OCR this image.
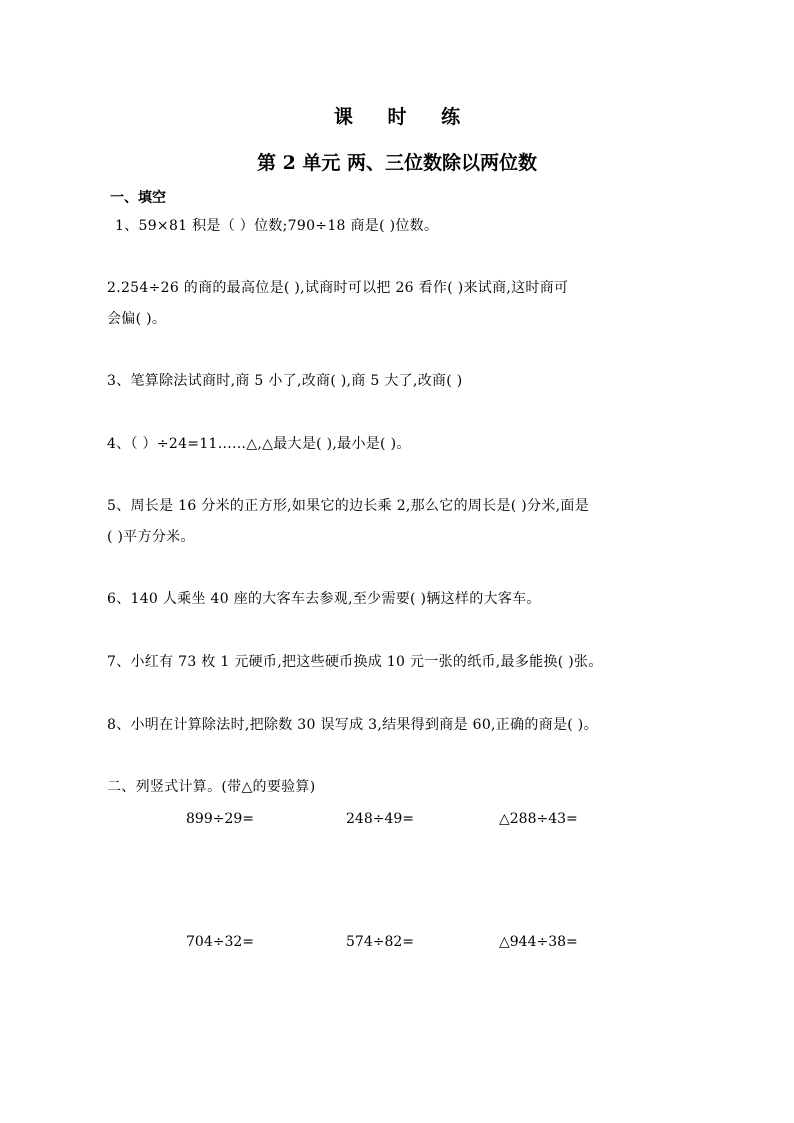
课 时 练
第 2 单元 两、三位数除以两位数
一、填空
1、59×81 积是（ ）位数;790÷18 商是( )位数。
2.254÷26 的商的最高位是( ),试商时可以把 26 看作( )来试商,这时商可
会偏( )。
3、笔算除法试商时,商 5 小了,改商( ),商 5 大了,改商( )
4、（ ）÷24=11……△,△最大是( ),最小是( )。
5、周长是 16 分米的正方形,如果它的边长乘 2,那么它的周长是( )分米,面是
( )平方分米。
6、140 人乘坐 40 座的大客车去参观,至少需要( )辆这样的大客车。
7、小红有 73 枚 1 元硬币,把这些硬币换成 10 元一张的纸币,最多能换( )张。
8、小明在计算除法时,把除数 30 误写成 3,结果得到商是 60,正确的商是( )。
二、列竖式计算。(带△的要验算)
899÷29=	248÷49=	△288÷43=
704÷32=	574÷82=	△944÷38=
